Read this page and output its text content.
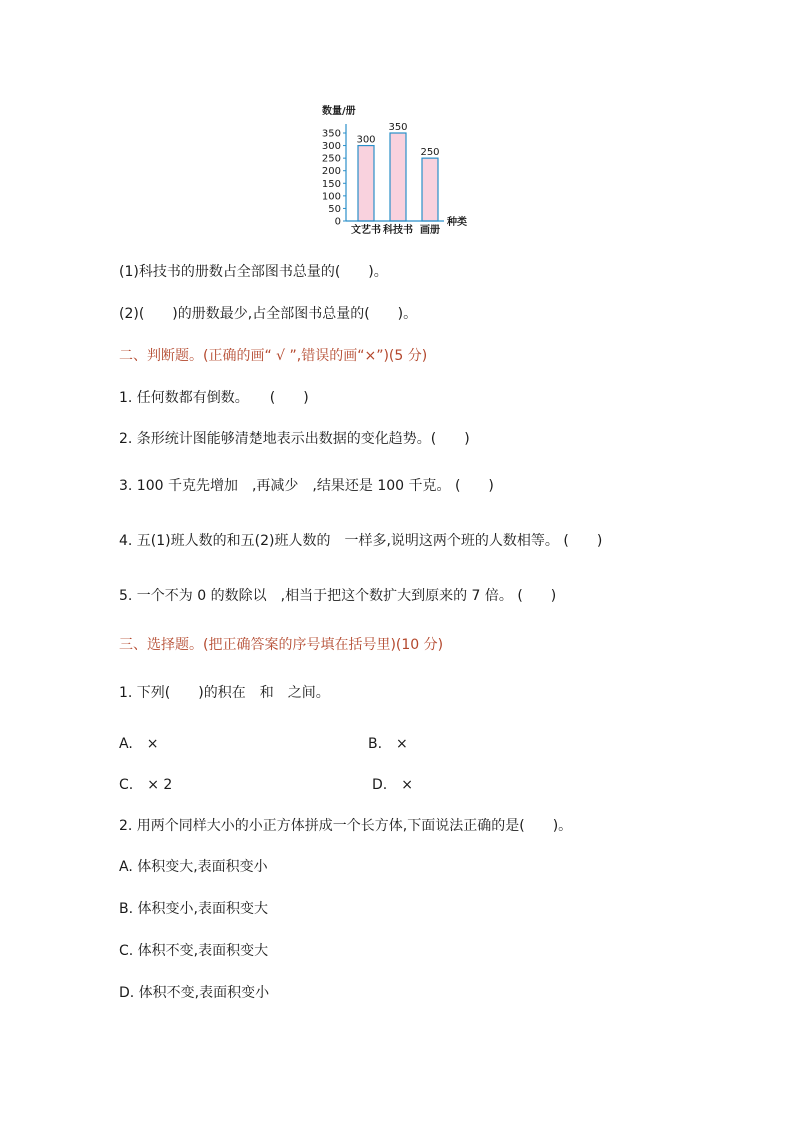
数量/册
0
50
100
150
200
250
300
350
300
350
250
文艺书 科技书 画册
种类
(1)科技书的册数占全部图书总量的(　　)。
(2)(　　)的册数最少,占全部图书总量的(　　)。
二、判断题。(正确的画“ √ ”,错误的画“×”)(5 分)
1. 任何数都有倒数。　　(　　)
2. 条形统计图能够清楚地表示出数据的变化趋势。(　　)
3. 100 千克先增加　,再减少　,结果还是 100 千克。 (　　)
4. 五(1)班人数的和五(2)班人数的　一样多,说明这两个班的人数相等。 (　　)
5. 一个不为 0 的数除以　,相当于把这个数扩大到原来的 7 倍。 (　　)
三、选择题。(把正确答案的序号填在括号里)(10 分)
1. 下列(　　)的积在　和　之间。
A.　×	B.　×
C.　× 2	D.　×
2. 用两个同样大小的小正方体拼成一个长方体,下面说法正确的是(　　)。
A. 体积变大,表面积变小
B. 体积变小,表面积变大
C. 体积不变,表面积变大
D. 体积不变,表面积变小
